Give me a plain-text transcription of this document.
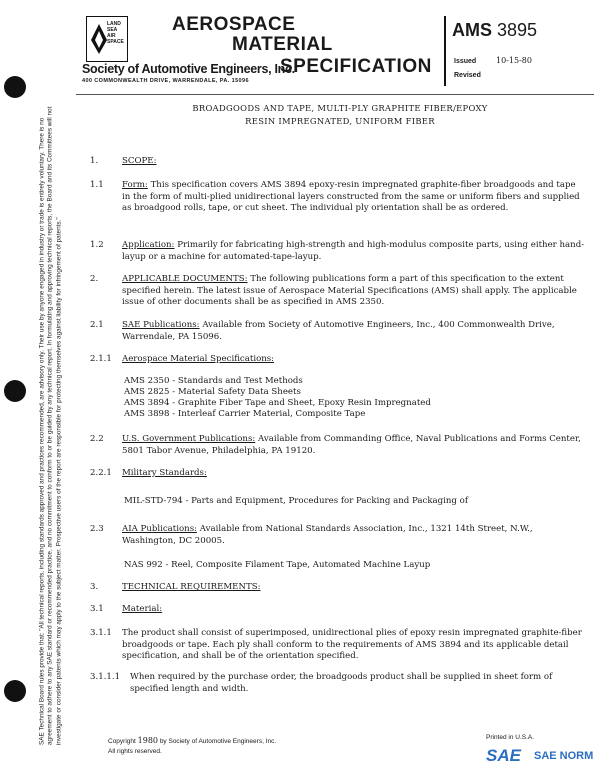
SAE Technical Board rules provide that: "All technical reports, including standards approved and practices recommended, are advisory only. Their use by anyone engaged in industry or trade is entirely voluntary. There is no agreement to adhere to any SAE standard or recommended practice, and no commitment to conform to or be guided by any technical report. In formulating and approving technical reports, the Board and its Committees will not investigate or consider patents which may apply to the subject matter. Prospective users of the report are responsible for protecting themselves against liability for infringement of patents."
LAND
SEA
AIR
SPACE
AEROSPACE
MATERIAL
SPECIFICATION
Society of Automotive Engineers, Inc.
400 COMMONWEALTH DRIVE, WARRENDALE, PA. 15096
AMS 3895
Issued 10-15-80
Revised
BROADGOODS AND TAPE, MULTI-PLY GRAPHITE FIBER/EPOXY
RESIN IMPREGNATED, UNIFORM FIBER
1.	SCOPE:
1.1 Form: This specification covers AMS 3894 epoxy-resin impregnated graphite-fiber broadgoods and tape in the form of multi-plied unidirectional layers constructed from the same or uniform fibers and supplied as broadgood rolls, tape, or cut sheet. The individual ply orientation shall be as ordered.
1.2 Application: Primarily for fabricating high-strength and high-modulus composite parts, using either hand-layup or a machine for automated-tape-layup.
2.	APPLICABLE DOCUMENTS: The following publications form a part of this specification to the extent specified herein. The latest issue of Aerospace Material Specifications (AMS) shall apply. The applicable issue of other documents shall be as specified in AMS 2350.
2.1 SAE Publications: Available from Society of Automotive Engineers, Inc., 400 Commonwealth Drive, Warrendale, PA 15096.
2.1.1 Aerospace Material Specifications:
AMS 2350 - Standards and Test Methods
AMS 2825 - Material Safety Data Sheets
AMS 3894 - Graphite Fiber Tape and Sheet, Epoxy Resin Impregnated
AMS 3898 - Interleaf Carrier Material, Composite Tape
2.2 U.S. Government Publications: Available from Commanding Office, Naval Publications and Forms Center, 5801 Tabor Avenue, Philadelphia, PA 19120.
2.2.1 Military Standards:
MIL-STD-794 - Parts and Equipment, Procedures for Packing and Packaging of
2.3 AIA Publications: Available from National Standards Association, Inc., 1321 14th Street, N.W., Washington, DC 20005.
NAS 992 - Reel, Composite Filament Tape, Automated Machine Layup
3.	TECHNICAL REQUIREMENTS:
3.1 Material:
3.1.1 The product shall consist of superimposed, unidirectional plies of epoxy resin impregnated graphite-fiber broadgoods or tape. Each ply shall conform to the requirements of AMS 3894 and its applicable detail specification, and shall be of the orientation specified.
3.1.1.1 When required by the purchase order, the broadgoods product shall be supplied in sheet form of specified length and width.
Copyright 1980 by Society of Automotive Engineers, Inc.
All rights reserved.
Printed in U.S.A.
SAE SAE NORM
